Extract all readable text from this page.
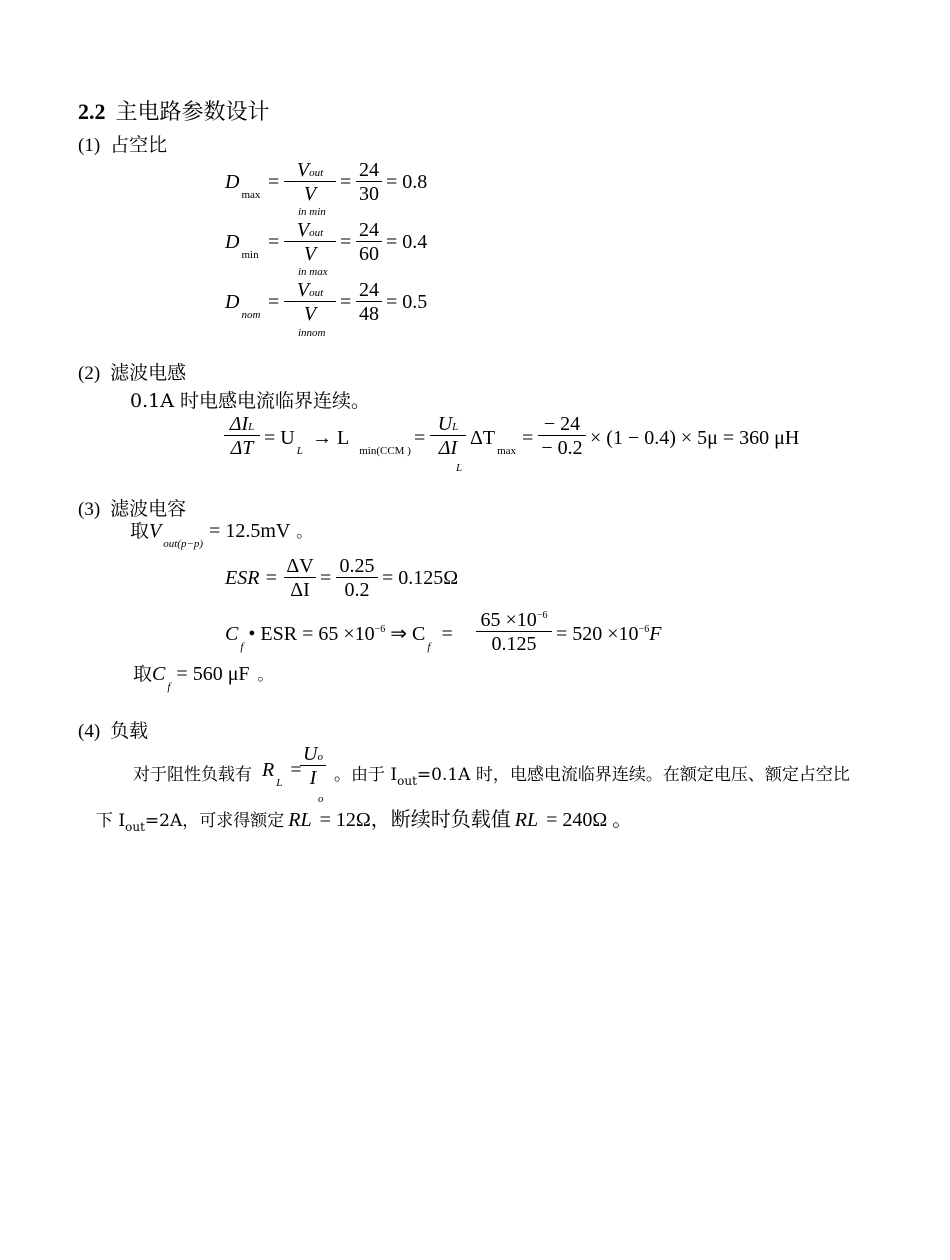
2.2 主电路参数设计
(1) 占空比
$D_{max}$
=
Vout
V
in min
= $\frac{24}{30} = 0.8$
$D_{min}$
=
Vout
V
in max
= $\frac{24}{60} = 0.4$
$D_{nom}$
=
Vout
V
innom
= $\frac{24}{48} = 0.5$
(2) 滤波电感
0.1A 时电感电流临界连续。
ΔIL
$\Delta T = U_L$
→ $L_{min(CCM )}$
= $\frac{UL}{\Delta I}$
L
$\Delta T_{max}$
= $\frac{- 24}{- 0.2} \times (1 - 0.4) \times 5\mu = 360$ μH
(3) 滤波电容
取$V_{out(p-p)}= 12.5mV$ 。
ESR = $\frac{\Delta V}{\Delta I} = \frac{0.25}{0.2} = 0.125\Omega$
$C_f$ • ESR = $65 \times 10^{-6}$ ⇒ $C_f = \frac{65 \times 10^{-6}}{0.125} = 520 \times 10^{-6}F$
取$C_f= 560$ μF 。
(4) 负载
对于阻性负载有 $R_L=$
$\frac{Uo}{I}$
o
。由于 $I_{out}=0.1A$ 时，电感电流临界连续。在额定电压、额定占空比
下 $I_{out}=2A$，可求得额定 RL = 12Ω，断续时负载值 RL = 240Ω 。
